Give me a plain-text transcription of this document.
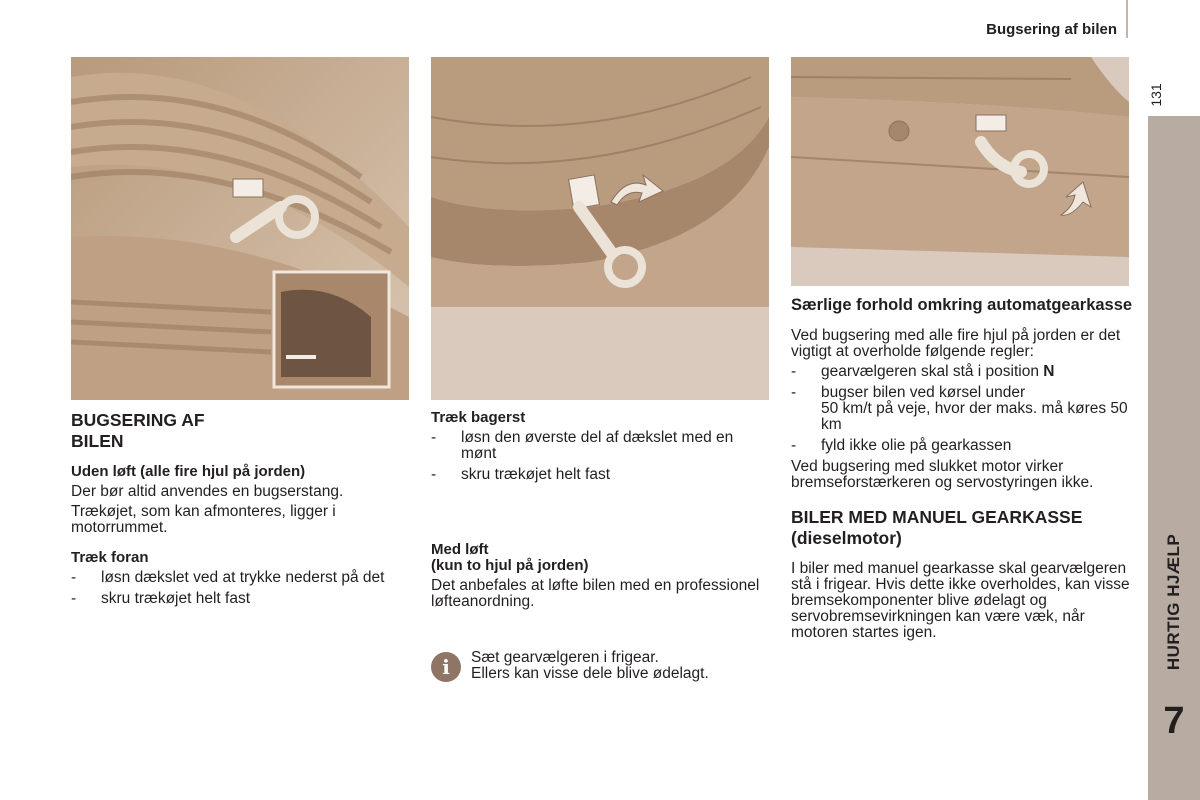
Bugsering af bilen
131
HURTIG HJÆLP
7
BUGSERING AF
BILEN
Uden løft (alle fire hjul på jorden)

Der bør altid anvendes en bugserstang.

Trækøjet, som kan afmonteres, ligger i motorrummet.

Træk foran
- løsn dækslet ved at trykke nederst på det
- skru trækøjet helt fast
Træk bagerst
- løsn den øverste del af dækslet med en mønt
- skru trækøjet helt fast
Med løft
(kun to hjul på jorden)

Det anbefales at løfte bilen med en professionel løfteanordning.

i	Sæt gearvælgeren i frigear.
Ellers kan visse dele blive ødelagt.
Særlige forhold omkring automatgearkasse

Ved bugsering med alle fire hjul på jorden er det vigtigt at overholde følgende regler:

- gearvælgeren skal stå i position N
- bugser bilen ved kørsel under
50 km/t på veje, hvor der maks. må køres 50 km
- fyld ikke olie på gearkassen

Ved bugsering med slukket motor virker bremseforstærkeren og servostyringen ikke.

BILER MED MANUEL GEARKASSE (dieselmotor)

I biler med manuel gearkasse skal gearvælgeren stå i frigear. Hvis dette ikke overholdes, kan visse bremsekomponenter blive ødelagt og servobremsevirkningen kan være væk, når motoren startes igen.
